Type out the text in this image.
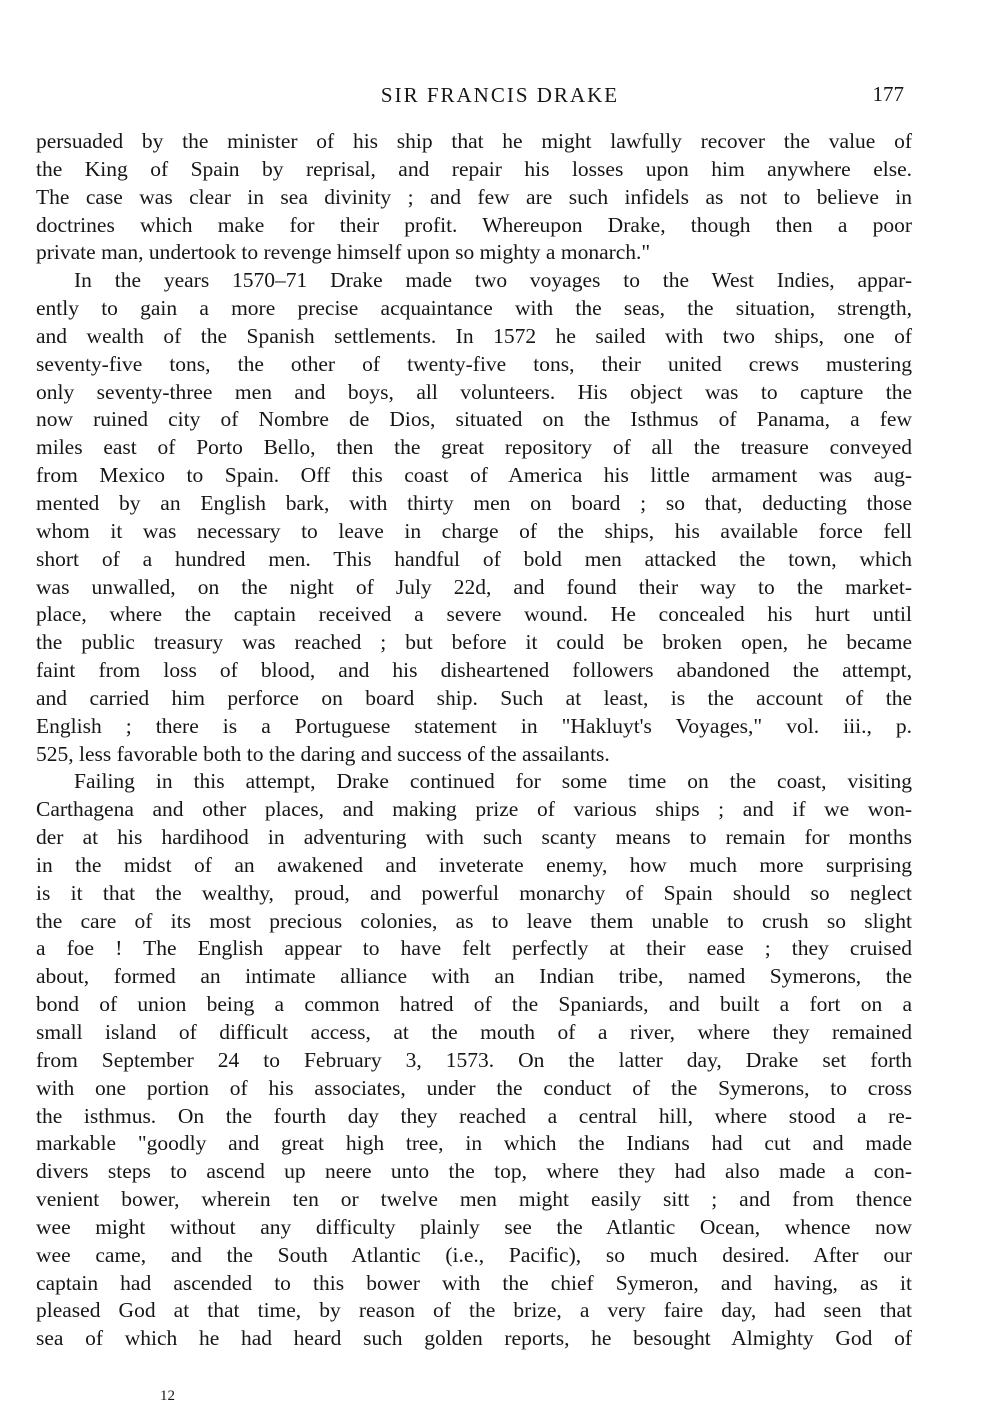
SIR FRANCIS DRAKE	177
persuaded by the minister of his ship that he might lawfully recover the value of
the King of Spain by reprisal, and repair his losses upon him anywhere else.
The case was clear in sea divinity ; and few are such infidels as not to believe in
doctrines which make for their profit. Whereupon Drake, though then a poor
private man, undertook to revenge himself upon so mighty a monarch."
In the years 1570–71 Drake made two voyages to the West Indies, appar-
ently to gain a more precise acquaintance with the seas, the situation, strength,
and wealth of the Spanish settlements. In 1572 he sailed with two ships, one of
seventy-five tons, the other of twenty-five tons, their united crews mustering
only seventy-three men and boys, all volunteers. His object was to capture the
now ruined city of Nombre de Dios, situated on the Isthmus of Panama, a few
miles east of Porto Bello, then the great repository of all the treasure conveyed
from Mexico to Spain. Off this coast of America his little armament was aug-
mented by an English bark, with thirty men on board ; so that, deducting those
whom it was necessary to leave in charge of the ships, his available force fell
short of a hundred men. This handful of bold men attacked the town, which
was unwalled, on the night of July 22d, and found their way to the market-
place, where the captain received a severe wound. He concealed his hurt until
the public treasury was reached ; but before it could be broken open, he became
faint from loss of blood, and his disheartened followers abandoned the attempt,
and carried him perforce on board ship. Such at least, is the account of the
English ; there is a Portuguese statement in "Hakluyt's Voyages," vol. iii., p.
525, less favorable both to the daring and success of the assailants.
Failing in this attempt, Drake continued for some time on the coast, visiting
Carthagena and other places, and making prize of various ships ; and if we won-
der at his hardihood in adventuring with such scanty means to remain for months
in the midst of an awakened and inveterate enemy, how much more surprising
is it that the wealthy, proud, and powerful monarchy of Spain should so neglect
the care of its most precious colonies, as to leave them unable to crush so slight
a foe ! The English appear to have felt perfectly at their ease ; they cruised
about, formed an intimate alliance with an Indian tribe, named Symerons, the
bond of union being a common hatred of the Spaniards, and built a fort on a
small island of difficult access, at the mouth of a river, where they remained
from September 24 to February 3, 1573. On the latter day, Drake set forth
with one portion of his associates, under the conduct of the Symerons, to cross
the isthmus. On the fourth day they reached a central hill, where stood a re-
markable "goodly and great high tree, in which the Indians had cut and made
divers steps to ascend up neere unto the top, where they had also made a con-
venient bower, wherein ten or twelve men might easily sitt ; and from thence
wee might without any difficulty plainly see the Atlantic Ocean, whence now
wee came, and the South Atlantic (i.e., Pacific), so much desired. After our
captain had ascended to this bower with the chief Symeron, and having, as it
pleased God at that time, by reason of the brize, a very faire day, had seen that
sea of which he had heard such golden reports, he besought Almighty God of
12
